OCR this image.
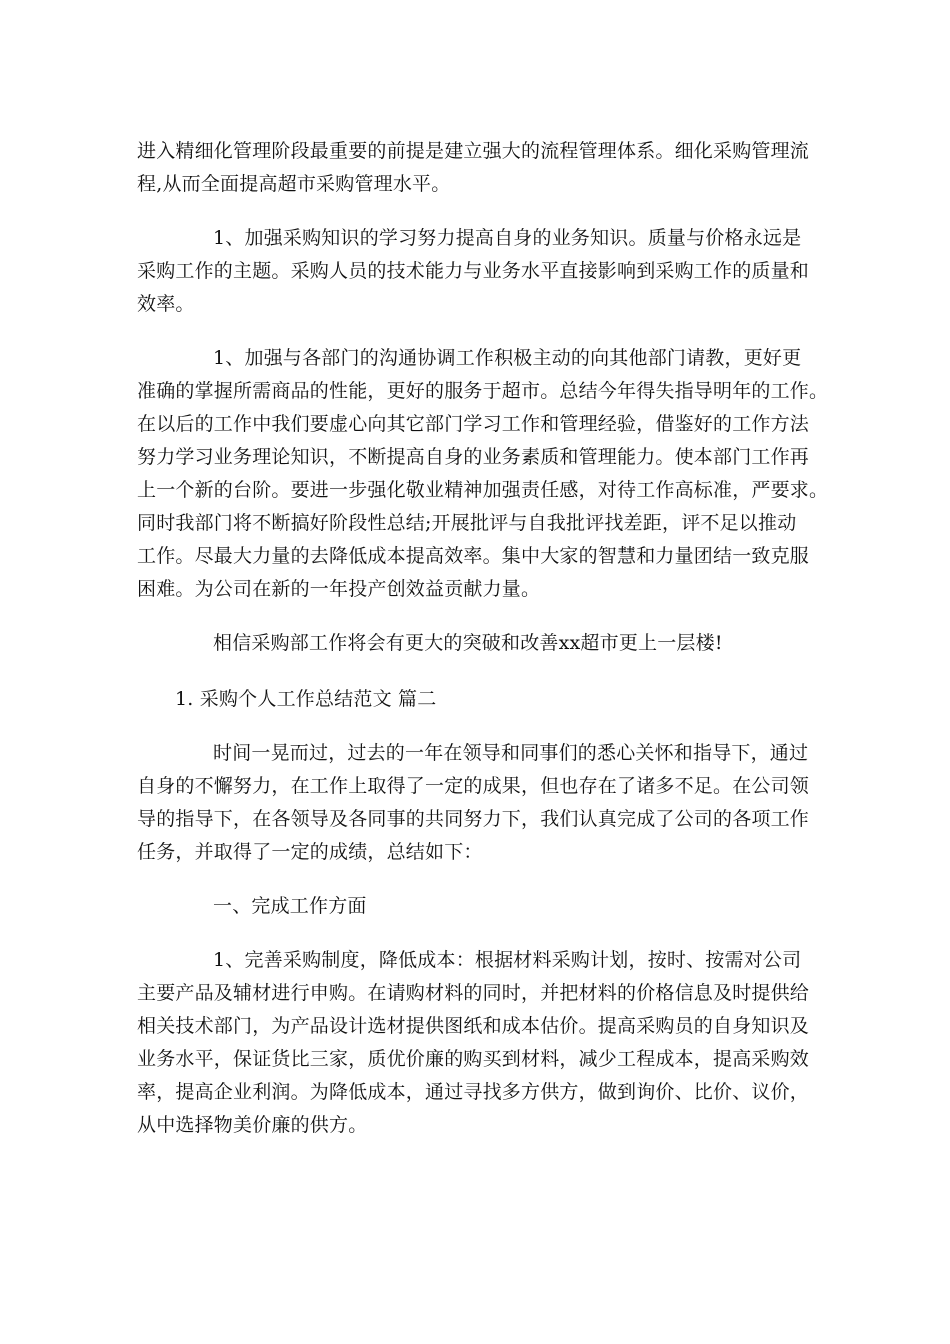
进入精细化管理阶段最重要的前提是建立强大的流程管理体系。细化采购管理流
程,从而全面提高超市采购管理水平。
1、加强采购知识的学习努力提高自身的业务知识。质量与价格永远是
采购工作的主题。采购人员的技术能力与业务水平直接影响到采购工作的质量和
效率。
1、加强与各部门的沟通协调工作积极主动的向其他部门请教，更好更
准确的掌握所需商品的性能，更好的服务于超市。总结今年得失指导明年的工作。
在以后的工作中我们要虚心向其它部门学习工作和管理经验，借鉴好的工作方法
努力学习业务理论知识，不断提高自身的业务素质和管理能力。使本部门工作再
上一个新的台阶。要进一步强化敬业精神加强责任感，对待工作高标准，严要求。
同时我部门将不断搞好阶段性总结;开展批评与自我批评找差距，评不足以推动
工作。尽最大力量的去降低成本提高效率。集中大家的智慧和力量团结一致克服
困难。为公司在新的一年投产创效益贡献力量。
相信采购部工作将会有更大的突破和改善xx超市更上一层楼!
1. 采购个人工作总结范文 篇二
时间一晃而过，过去的一年在领导和同事们的悉心关怀和指导下，通过
自身的不懈努力，在工作上取得了一定的成果，但也存在了诸多不足。在公司领
导的指导下，在各领导及各同事的共同努力下，我们认真完成了公司的各项工作
任务，并取得了一定的成绩，总结如下：
一、完成工作方面
1、完善采购制度，降低成本：根据材料采购计划，按时、按需对公司
主要产品及辅材进行申购。在请购材料的同时，并把材料的价格信息及时提供给
相关技术部门，为产品设计选材提供图纸和成本估价。提高采购员的自身知识及
业务水平，保证货比三家，质优价廉的购买到材料，减少工程成本，提高采购效
率，提高企业利润。为降低成本，通过寻找多方供方，做到询价、比价、议价，
从中选择物美价廉的供方。
